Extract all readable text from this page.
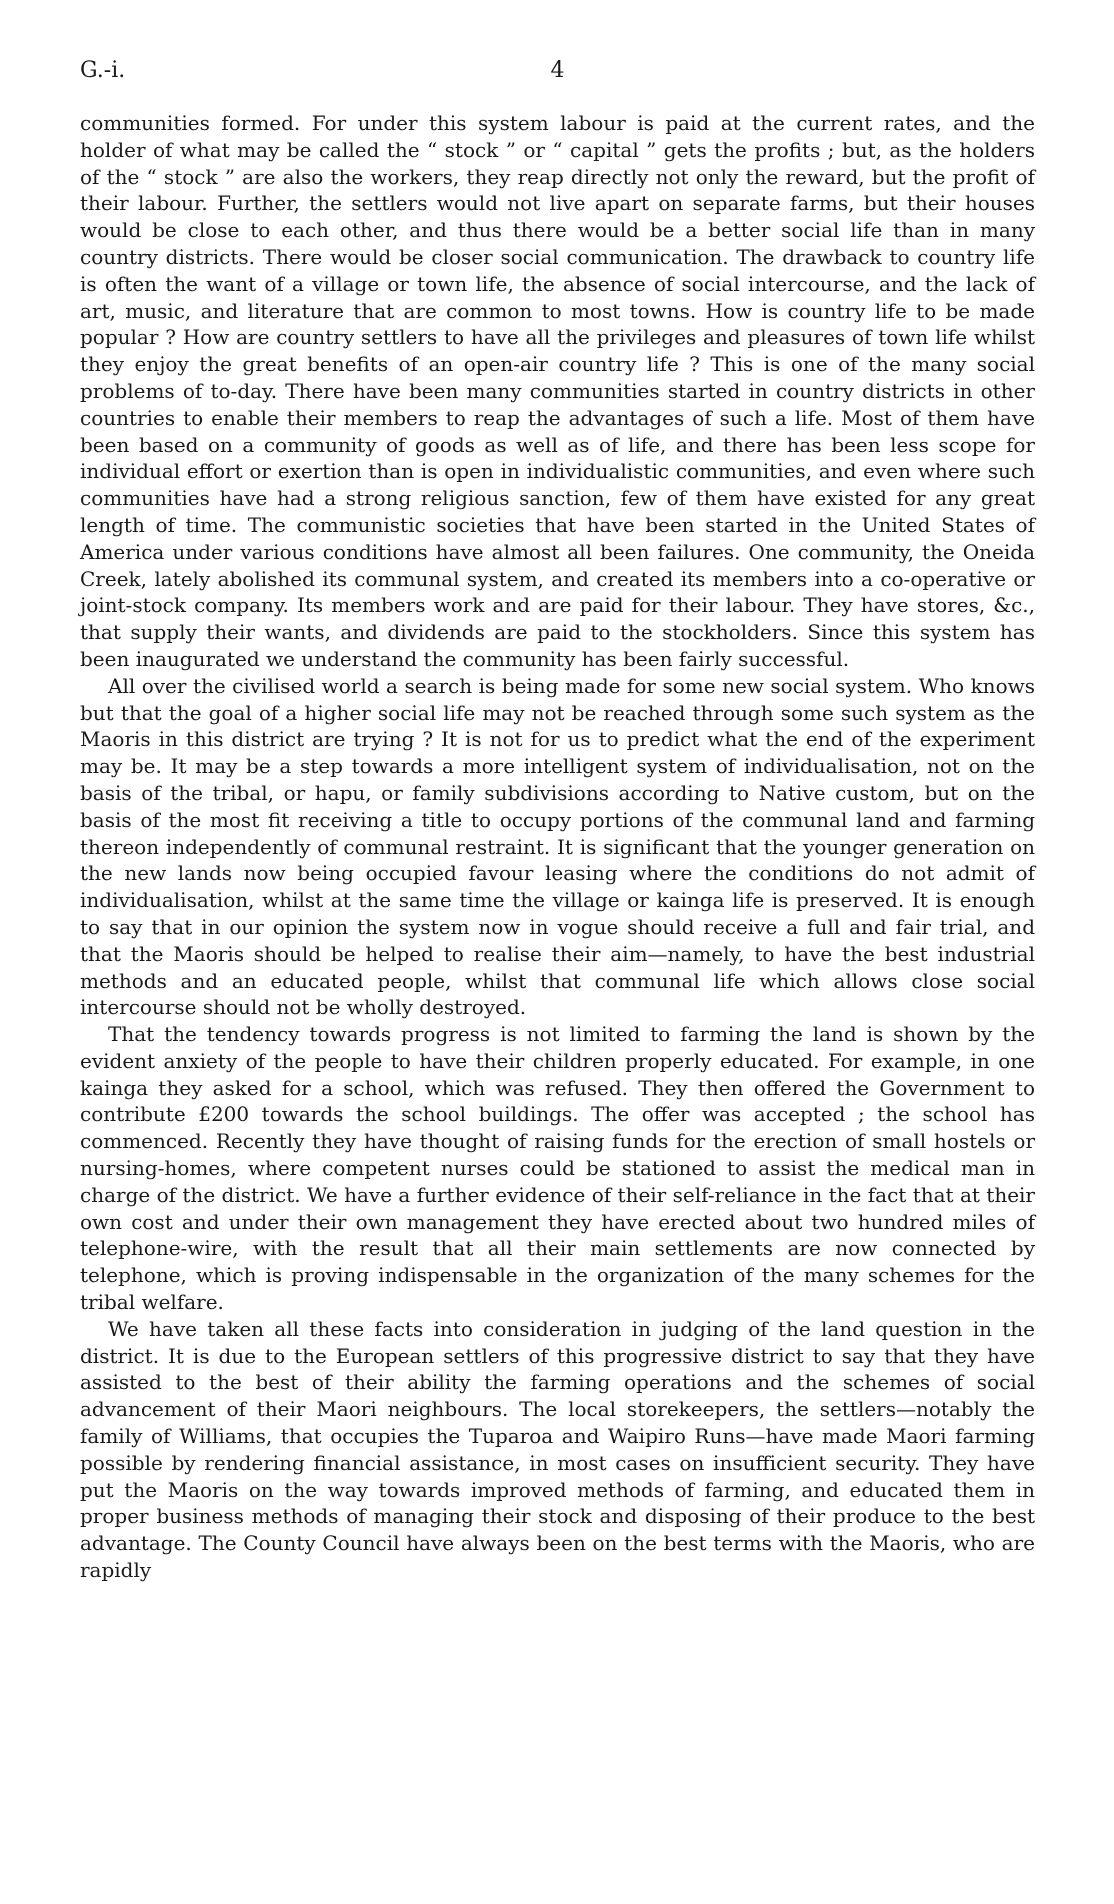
G.-i.	4

communities formed. For under this system labour is paid at the current rates, and the holder of what may be called the “ stock ” or “ capital ” gets the profits ; but, as the holders of the “ stock ” are also the workers, they reap directly not only the reward, but the profit of their labour. Further, the settlers would not live apart on separate farms, but their houses would be close to each other, and thus there would be a better social life than in many country districts. There would be closer social communication. The drawback to country life is often the want of a village or town life, the absence of social intercourse, and the lack of art, music, and literature that are common to most towns. How is country life to be made popular ? How are country settlers to have all the privileges and pleasures of town life whilst they enjoy the great benefits of an open-air country life ? This is one of the many social problems of to-day. There have been many communities started in country districts in other countries to enable their members to reap the advantages of such a life. Most of them have been based on a community of goods as well as of life, and there has been less scope for individual effort or exertion than is open in individualistic communities, and even where such communities have had a strong religious sanction, few of them have existed for any great length of time. The communistic societies that have been started in the United States of America under various conditions have almost all been failures. One community, the Oneida Creek, lately abolished its communal system, and created its members into a co-operative or joint-stock company. Its members work and are paid for their labour. They have stores, &c., that supply their wants, and dividends are paid to the stockholders. Since this system has been inaugurated we understand the community has been fairly successful.

All over the civilised world a search is being made for some new social system. Who knows but that the goal of a higher social life may not be reached through some such system as the Maoris in this district are trying ? It is not for us to predict what the end of the experiment may be. It may be a step towards a more intelligent system of individualisation, not on the basis of the tribal, or hapu, or family subdivisions according to Native custom, but on the basis of the most fit receiving a title to occupy portions of the communal land and farming thereon independently of communal restraint. It is significant that the younger generation on the new lands now being occupied favour leasing where the conditions do not admit of individualisation, whilst at the same time the village or kainga life is preserved. It is enough to say that in our opinion the system now in vogue should receive a full and fair trial, and that the Maoris should be helped to realise their aim—namely, to have the best industrial methods and an educated people, whilst that communal life which allows close social intercourse should not be wholly destroyed.

That the tendency towards progress is not limited to farming the land is shown by the evident anxiety of the people to have their children properly educated. For example, in one kainga they asked for a school, which was refused. They then offered the Government to contribute £200 towards the school buildings. The offer was accepted ; the school has commenced. Recently they have thought of raising funds for the erection of small hostels or nursing-homes, where competent nurses could be stationed to assist the medical man in charge of the district. We have a further evidence of their self-reliance in the fact that at their own cost and under their own management they have erected about two hundred miles of telephone-wire, with the result that all their main settlements are now connected by telephone, which is proving indispensable in the organization of the many schemes for the tribal welfare.

We have taken all these facts into consideration in judging of the land question in the district. It is due to the European settlers of this progressive district to say that they have assisted to the best of their ability the farming operations and the schemes of social advancement of their Maori neighbours. The local storekeepers, the settlers—notably the family of Williams, that occupies the Tuparoa and Waipiro Runs—have made Maori farming possible by rendering financial assistance, in most cases on insufficient security. They have put the Maoris on the way towards improved methods of farming, and educated them in proper business methods of managing their stock and disposing of their produce to the best advantage. The County Council have always been on the best terms with the Maoris, who are rapidly
